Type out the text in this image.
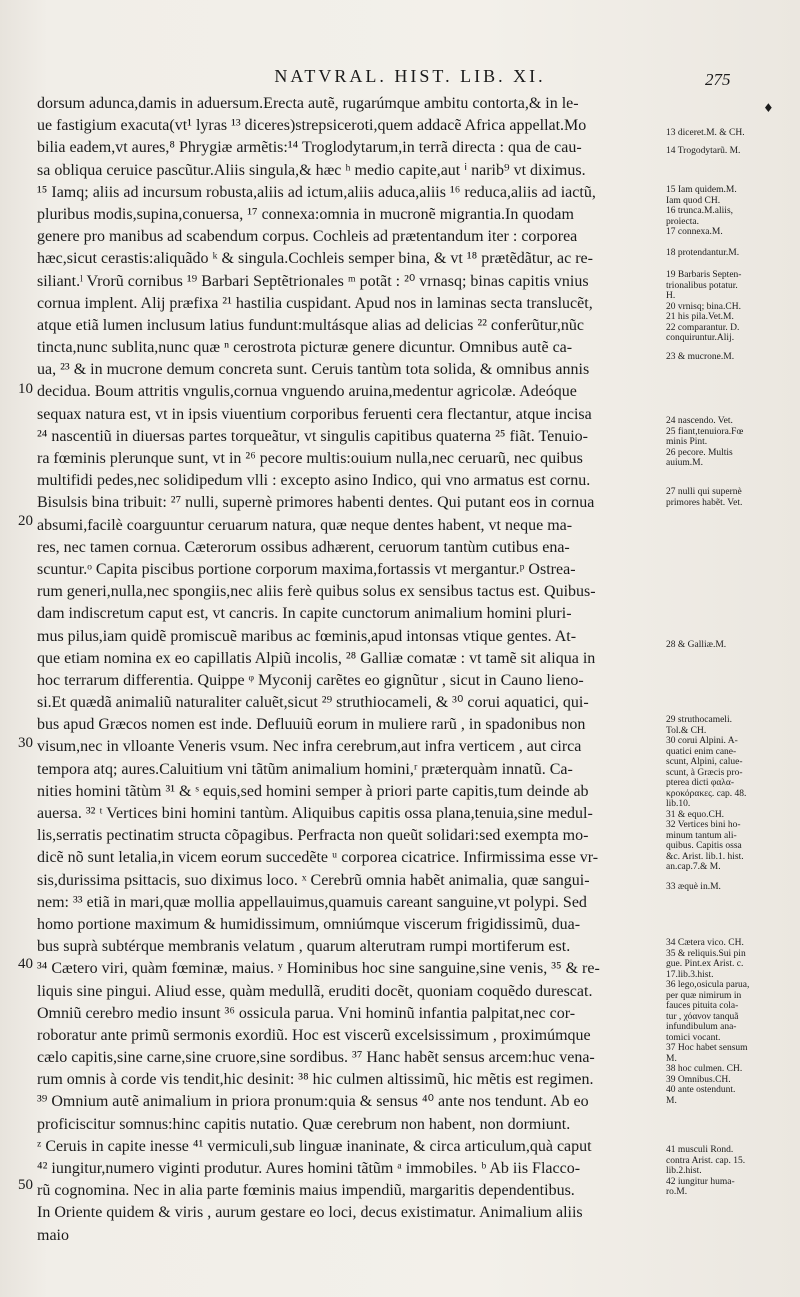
NATVRAL. HIST. LIB. XI.	275
♦
dorsum adunca,damis in aduersum.Erecta autẽ, rugarúmque ambitu contorta,& in le-
ue fastigium exacuta(vt¹ lyras ¹³ diceres)strepsiceroti,quem addacẽ Africa appellat.Mo
bilia eadem,vt aures,⁸ Phrygiæ armẽtis:¹⁴ Troglodytarum,in terrã directa : qua de cau-
sa obliqua ceruice pascũtur.Aliis singula,& hæc ʰ medio capite,aut ⁱ narib⁹ vt diximus.
¹⁵ Iamq; aliis ad incursum robusta,aliis ad ictum,aliis aduca,aliis ¹⁶ reduca,aliis ad iactũ,
pluribus modis,supina,conuersa, ¹⁷ connexa:omnia in mucronẽ migrantia.In quodam
genere pro manibus ad scabendum corpus. Cochleis ad prætentandum iter : corporea
hæc,sicut cerastis:aliquãdo ᵏ & singula.Cochleis semper bina, & vt ¹⁸ prætẽdãtur, ac re-
siliant.ˡ Vrorũ cornibus ¹⁹ Barbari Septẽtrionales ᵐ potãt : ²⁰ vrnasq; binas capitis vnius
cornua implent. Alij præfixa ²¹ hastilia cuspidant. Apud nos in laminas secta translucẽt,
atque etiã lumen inclusum latius fundunt:multásque alias ad delicias ²² conferũtur,nũc
tincta,nunc sublita,nunc quæ ⁿ cerostrota picturæ genere dicuntur. Omnibus autẽ ca-
ua, ²³ & in mucrone demum concreta sunt. Ceruis tantùm tota solida, & omnibus annis
decidua. Boum attritis vngulis,cornua vnguendo aruina,medentur agricolæ. Adeóque
sequax natura est, vt in ipsis viuentium corporibus feruenti cera flectantur, atque incisa
²⁴ nascentiũ in diuersas partes torqueãtur, vt singulis capitibus quaterna ²⁵ fiãt. Tenuio-
ra fœminis plerunque sunt, vt in ²⁶ pecore multis:ouium nulla,nec ceruarũ, nec quibus
multifidi pedes,nec solidipedum vlli : excepto asino Indico, qui vno armatus est cornu.
Bisulsis bina tribuit: ²⁷ nulli, supernè primores habenti dentes. Qui putant eos in cornua
absumi,facilè coarguuntur ceruarum natura, quæ neque dentes habent, vt neque ma-
res, nec tamen cornua. Cæterorum ossibus adhærent, ceruorum tantùm cutibus ena-
scuntur.ᵒ Capita piscibus portione corporum maxima,fortassis vt mergantur.ᵖ Ostrea-
rum generi,nulla,nec spongiis,nec aliis ferè quibus solus ex sensibus tactus est. Quibus-
dam indiscretum caput est, vt cancris. In capite cunctorum animalium homini pluri-
mus pilus,iam quidẽ promiscuẽ maribus ac fœminis,apud intonsas vtique gentes. At-
que etiam nomina ex eo capillatis Alpiũ incolis, ²⁸ Galliæ comatæ : vt tamẽ sit aliqua in
hoc terrarum differentia. Quippe ᵠ Myconij carẽtes eo gignũtur , sicut in Cauno lieno-
si.Et quædã animaliũ naturaliter caluẽt,sicut ²⁹ struthiocameli, & ³⁰ corui aquatici, qui-
bus apud Græcos nomen est inde. Defluuiũ eorum in muliere rarũ , in spadonibus non
visum,nec in vlloante Veneris vsum. Nec infra cerebrum,aut infra verticem , aut circa
tempora atq; aures.Caluitium vni tãtũm animalium homini,ʳ præterquàm innatũ. Ca-
nities homini tãtùm ³¹ & ˢ equis,sed homini semper à priori parte capitis,tum deinde ab
auersa. ³² ᵗ Vertices bini homini tantùm. Aliquibus capitis ossa plana,tenuia,sine medul-
lis,serratis pectinatim structa cõpagibus. Perfracta non queũt solidari:sed exempta mo-
dicẽ nõ sunt letalia,in vicem eorum succedẽte ᵘ corporea cicatrice. Infirmissima esse vr-
sis,durissima psittacis, suo diximus loco. ˣ Cerebrũ omnia habẽt animalia, quæ sangui-
nem: ³³ etiã in mari,quæ mollia appellauimus,quamuis careant sanguine,vt polypi. Sed
homo portione maximum & humidissimum, omniúmque viscerum frigidissimũ, dua-
bus suprà subtérque membranis velatum , quarum alterutram rumpi mortiferum est.
³⁴ Cætero viri, quàm fœminæ, maius. ʸ Hominibus hoc sine sanguine,sine venis, ³⁵ & re-
liquis sine pingui. Aliud esse, quàm medullã, eruditi docẽt, quoniam coquẽdo durescat.
Omniũ cerebro medio insunt ³⁶ ossicula parua. Vni hominũ infantia palpitat,nec cor-
roboratur ante primũ sermonis exordiũ. Hoc est viscerũ excelsissimum , proximúmque
cælo capitis,sine carne,sine cruore,sine sordibus. ³⁷ Hanc habẽt sensus arcem:huc vena-
rum omnis à corde vis tendit,hic desinit: ³⁸ hic culmen altissimũ, hic mẽtis est regimen.
³⁹ Omnium autẽ animalium in priora pronum:quia & sensus ⁴⁰ ante nos tendunt. Ab eo
proficiscitur somnus:hinc capitis nutatio. Quæ cerebrum non habent, non dormiunt.
ᶻ Ceruis in capite inesse ⁴¹ vermiculi,sub linguæ inaninate, & circa articulum,quà caput
⁴² iungitur,numero viginti produtur. Aures homini tãtũm ᵃ immobiles. ᵇ Ab iis Flacco-
rũ cognomina. Nec in alia parte fœminis maius impendiũ, margaritis dependentibus.
In Oriente quidem & viris , aurum gestare eo loci, decus existimatur. Animalium aliis
maio
10
20
30
40
50
13 diceret.M. & CH.
14 Trogodytarũ. M.
15 Iam quidem.M.
Iam quod CH.
16 trunca.M.aliis,
proiecta.
17 connexa.M.
18 protendantur.M.
19 Barbaris Septen-
trionalibus potatur.
H.
20 vrnisq; bina.CH.
21 his pila.Vet.M.
22 comparantur. D.
conquiruntur.Alij.
23 & mucrone.M.
24 nascendo. Vet.
25 fiant,tenuiora.Fœ
minis Pint.
26 pecore. Multis
auium.M.
27 nulli qui supernè
primores habẽt. Vet.
28 & Galliæ.M.
29 struthocameli.
Tol.& CH.
30 corui Alpini. A-
quatici enim cane-
scunt, Alpini, calue-
scunt, à Græcis pro-
pterea dicti φαλα-
κροκόρακες. cap. 48.
lib.10.
31 & equo.CH.
32 Vertices bini ho-
minum tantum ali-
quibus. Capitis ossa
&c. Arist. lib.1. hist.
an.cap.7.& M.
33 æquè in.M.
34 Cætera vico. CH.
35 & reliquis.Sui pin
gue. Pint.ex Arist. c.
17.lib.3.hist.
36 lego,osicula parua,
per quæ nimirum in
fauces pituita cola-
tur , χόανον tanquã
infundibulum ana-
tomici vocant.
37 Hoc habet sensum
M.
38 hoc culmen. CH.
39 Omnibus.CH.
40 ante ostendunt.
M.
41 musculi Rond.
contra Arist. cap. 15.
lib.2.hist.
42 iungitur huma-
ro.M.
